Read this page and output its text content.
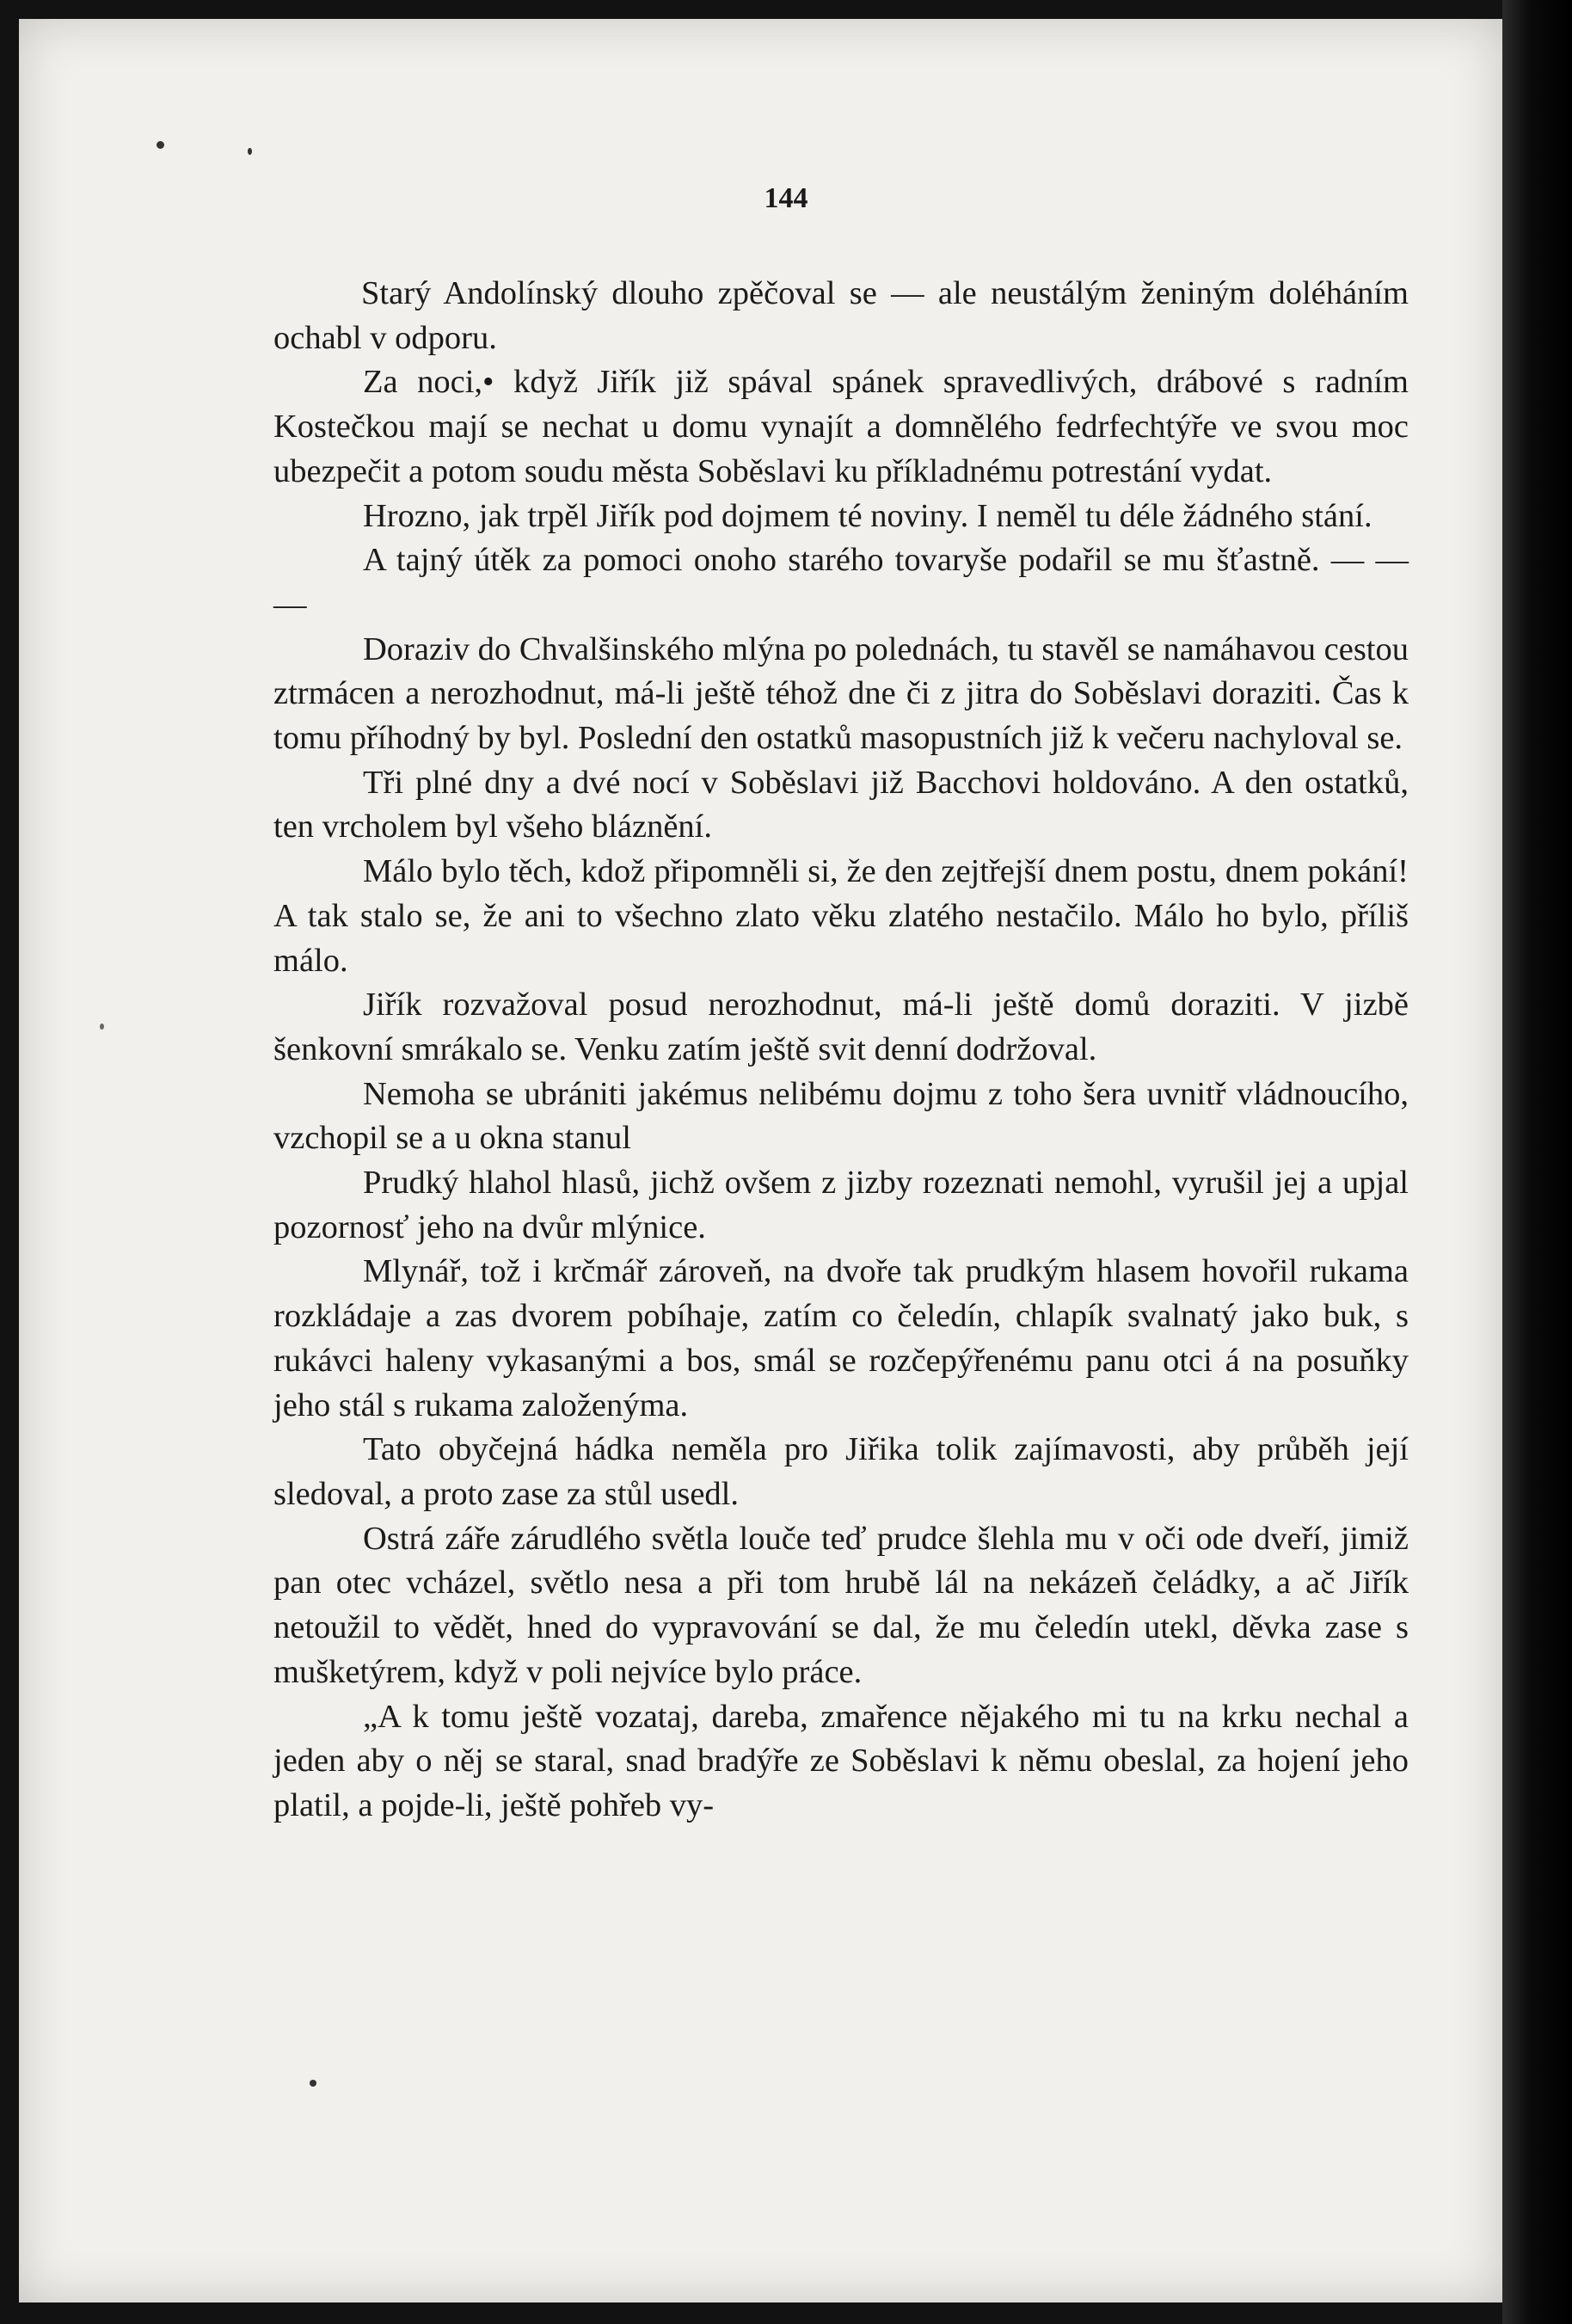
144

Starý Andolínský dlouho zpěčoval se — ale neustálým ženiným doléháním ochabl v odporu.

Za noci,• když Jiřík již spával spánek spravedlivých, drábové s radním Kostečkou mají se nechat u domu vynajít a domnělého fedrfechtýře ve svou moc ubezpečit a potom soudu města Soběslavi ku příkladnému potrestání vydat.

Hrozno, jak trpěl Jiřík pod dojmem té noviny. I neměl tu déle žádného stání.

A tajný útěk za pomoci onoho starého tovaryše podařil se mu šťastně. — — —

Doraziv do Chvalšinského mlýna po polednách, tu stavěl se namáhavou cestou ztrmácen a nerozhodnut, má-li ještě téhož dne či z jitra do Soběslavi doraziti. Čas k tomu příhodný by byl. Poslední den ostatků masopustních již k večeru nachyloval se.

Tři plné dny a dvé nocí v Soběslavi již Bacchovi holdováno. A den ostatků, ten vrcholem byl všeho bláznění.

Málo bylo těch, kdož připomněli si, že den zejtřejší dnem postu, dnem pokání! A tak stalo se, že ani to všechno zlato věku zlatého nestačilo. Málo ho bylo, příliš málo.

Jiřík rozvažoval posud nerozhodnut, má-li ještě domů doraziti. V jizbě šenkovní smrákalo se. Venku zatím ještě svit denní dodržoval.

Nemoha se ubrániti jakémus nelibému dojmu z toho šera uvnitř vládnoucího, vzchopil se a u okna stanul

Prudký hlahol hlasů, jichž ovšem z jizby rozeznati nemohl, vyrušil jej a upjal pozornosť jeho na dvůr mlýnice.

Mlynář, tož i krčmář zároveň, na dvoře tak prudkým hlasem hovořil rukama rozkládaje a zas dvorem pobíhaje, zatím co čeledín, chlapík svalnatý jako buk, s rukávci haleny vykasanými a bos, smál se rozčepýřenému panu otci á na posuňky jeho stál s rukama založenýma.

Tato obyčejná hádka neměla pro Jiřika tolik zajímavosti, aby průběh její sledoval, a proto zase za stůl usedl.

Ostrá záře zárudlého světla louče teď prudce šlehla mu v oči ode dveří, jimiž pan otec vcházel, světlo nesa a při tom hrubě lál na nekázeň čeládky, a ač Jiřík netoužil to vědět, hned do vypravování se dal, že mu čeledín utekl, děvka zase s mušketýrem, když v poli nejvíce bylo práce.

„A k tomu ještě vozataj, dareba, zmařence nějakého mi tu na krku nechal a jeden aby o něj se staral, snad bradýře ze Soběslavi k němu obeslal, za hojení jeho platil, a pojde-li, ještě pohřeb vy-
